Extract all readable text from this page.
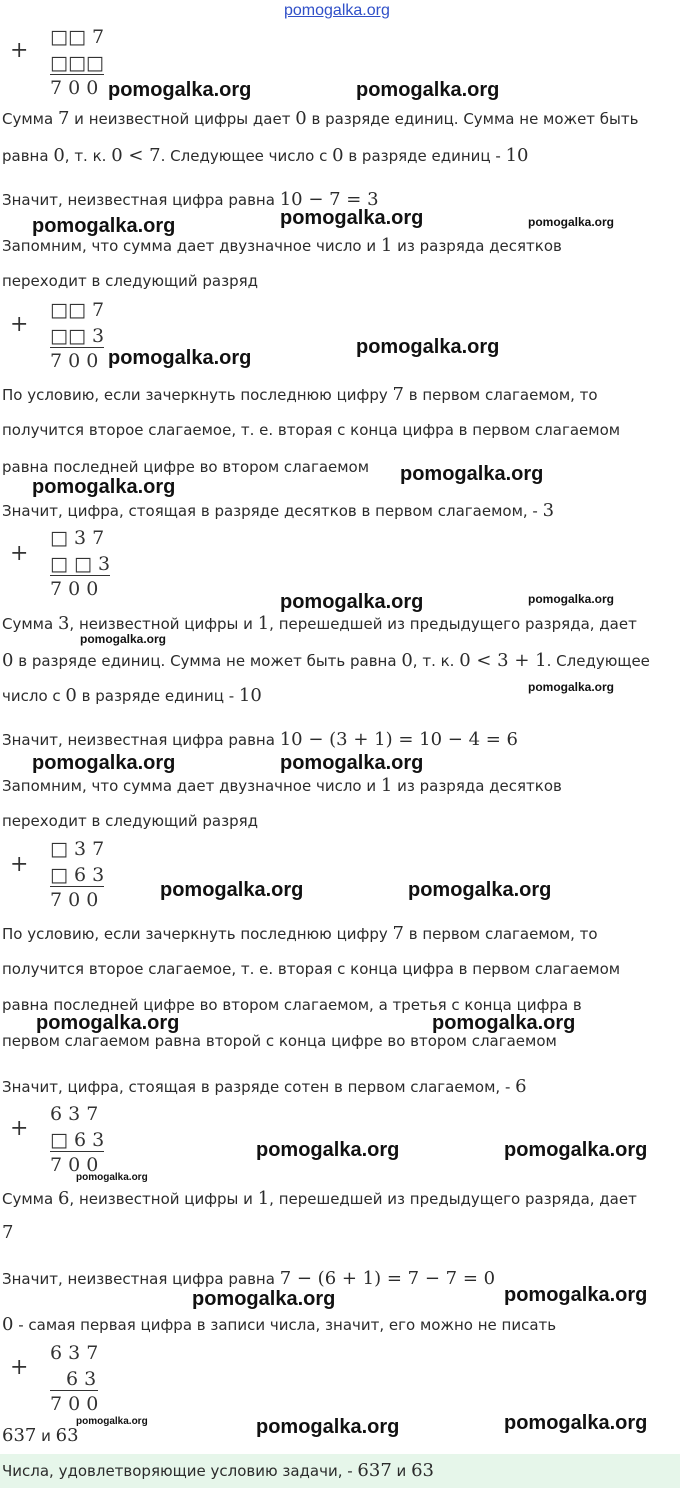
pomogalka.org
+
□□ 7
□□□
7 0 0 pomogalka.org	pomogalka.org
Сумма 7 и неизвестной цифры дает 0 в разряде единиц. Сумма не может быть
равна 0, т. к. 0 < 7. Следующее число с 0 в разряде единиц - 10
Значит, неизвестная цифра равна 10 − 7 = 3
pomogalka.org	pomogalka.org	pomogalka.org
Запомним, что сумма дает двузначное число и 1 из разряда десятков
переходит в следующий разряд
+
□□ 7
□□ 3
7 0 0 pomogalka.org	pomogalka.org
По условию, если зачеркнуть последнюю цифру 7 в первом слагаемом, то
получится второе слагаемое, т. е. вторая с конца цифра в первом слагаемом
равна последней цифре во втором слагаемом pomogalka.org
pomogalka.org
Значит, цифра, стоящая в разряде десятков в первом слагаемом, - 3
+
□ 3 7
□ □ 3
7 0 0
pomogalka.org	pomogalka.org
Сумма 3, неизвестной цифры и 1, перешедшей из предыдущего разряда, дает
pomogalka.org
0 в разряде единиц. Сумма не может быть равна 0, т. к. 0 < 3 + 1. Следующее
pomogalka.org
число с 0 в разряде единиц - 10
Значит, неизвестная цифра равна 10 − (3 + 1) = 10 − 4 = 6
pomogalka.org	pomogalka.org
Запомним, что сумма дает двузначное число и 1 из разряда десятков
переходит в следующий разряд
+
□ 3 7
□ 6 3
7 0 0	pomogalka.org	pomogalka.org
По условию, если зачеркнуть последнюю цифру 7 в первом слагаемом, то
получится второе слагаемое, т. е. вторая с конца цифра в первом слагаемом
равна последней цифре во втором слагаемом, а третья с конца цифра в
pomogalka.org	pomogalka.org
первом слагаемом равна второй с конца цифре во втором слагаемом
Значит, цифра, стоящая в разряде сотен в первом слагаемом, - 6
+
6 3 7
□ 6 3
7 0 0
pomogalka.org	pomogalka.org
pomogalka.org
Сумма 6, неизвестной цифры и 1, перешедшей из предыдущего разряда, дает
7
Значит, неизвестная цифра равна 7 − (6 + 1) = 7 − 7 = 0
pomogalka.org	pomogalka.org
0 - самая первая цифра в записи числа, значит, его можно не писать
+
6 3 7
6 3
7 0 0
pomogalka.org	pomogalka.org	pomogalka.org
637 и 63
Числа, удовлетворяющие условию задачи, - 637 и 63
